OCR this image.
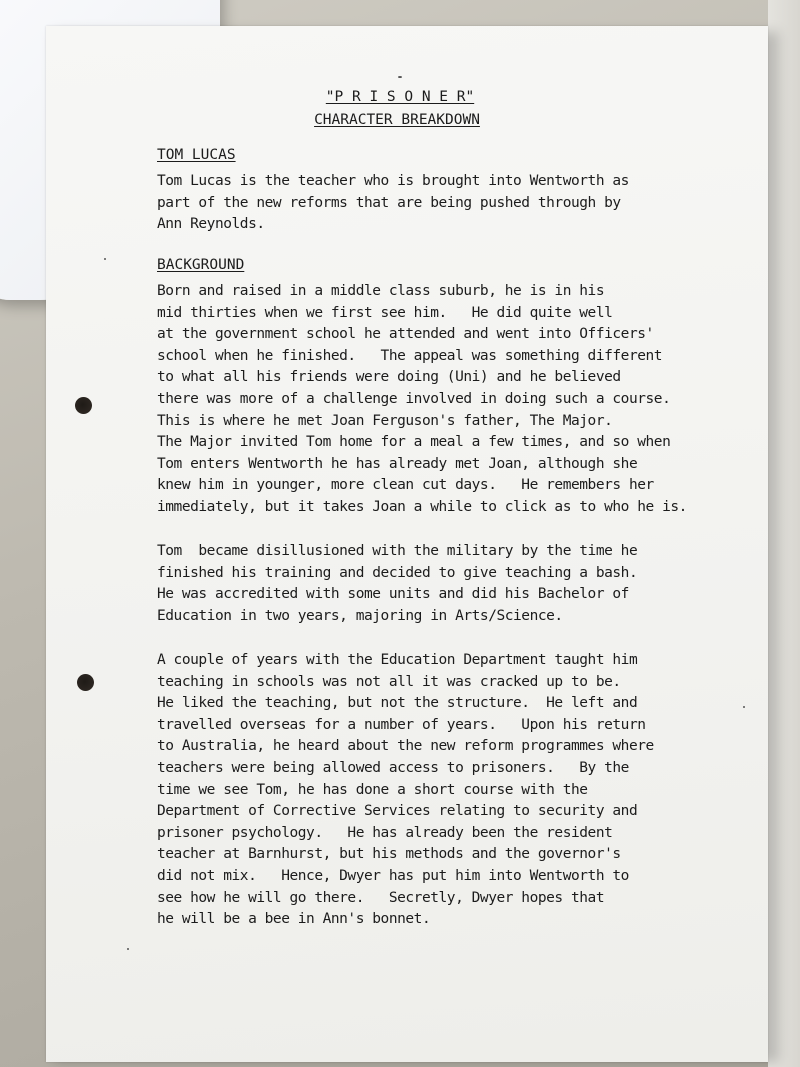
"P R I S O N E R"
CHARACTER BREAKDOWN
TOM LUCAS

Tom Lucas is the teacher who is brought into Wentworth as
part of the new reforms that are being pushed through by
Ann Reynolds.

BACKGROUND

Born and raised in a middle class suburb, he is in his
mid thirties when we first see him.   He did quite well
at the government school he attended and went into Officers'
school when he finished.   The appeal was something different
to what all his friends were doing (Uni) and he believed
there was more of a challenge involved in doing such a course.
This is where he met Joan Ferguson's father, The Major.
The Major invited Tom home for a meal a few times, and so when
Tom enters Wentworth he has already met Joan, although she
knew him in younger, more clean cut days.   He remembers her
immediately, but it takes Joan a while to click as to who he is.

Tom  became disillusioned with the military by the time he
finished his training and decided to give teaching a bash.
He was accredited with some units and did his Bachelor of
Education in two years, majoring in Arts/Science.

A couple of years with the Education Department taught him
teaching in schools was not all it was cracked up to be.
He liked the teaching, but not the structure.  He left and
travelled overseas for a number of years.   Upon his return
to Australia, he heard about the new reform programmes where
teachers were being allowed access to prisoners.   By the
time we see Tom, he has done a short course with the
Department of Corrective Services relating to security and
prisoner psychology.   He has already been the resident
teacher at Barnhurst, but his methods and the governor's
did not mix.   Hence, Dwyer has put him into Wentworth to
see how he will go there.   Secretly, Dwyer hopes that
he will be a bee in Ann's bonnet.
